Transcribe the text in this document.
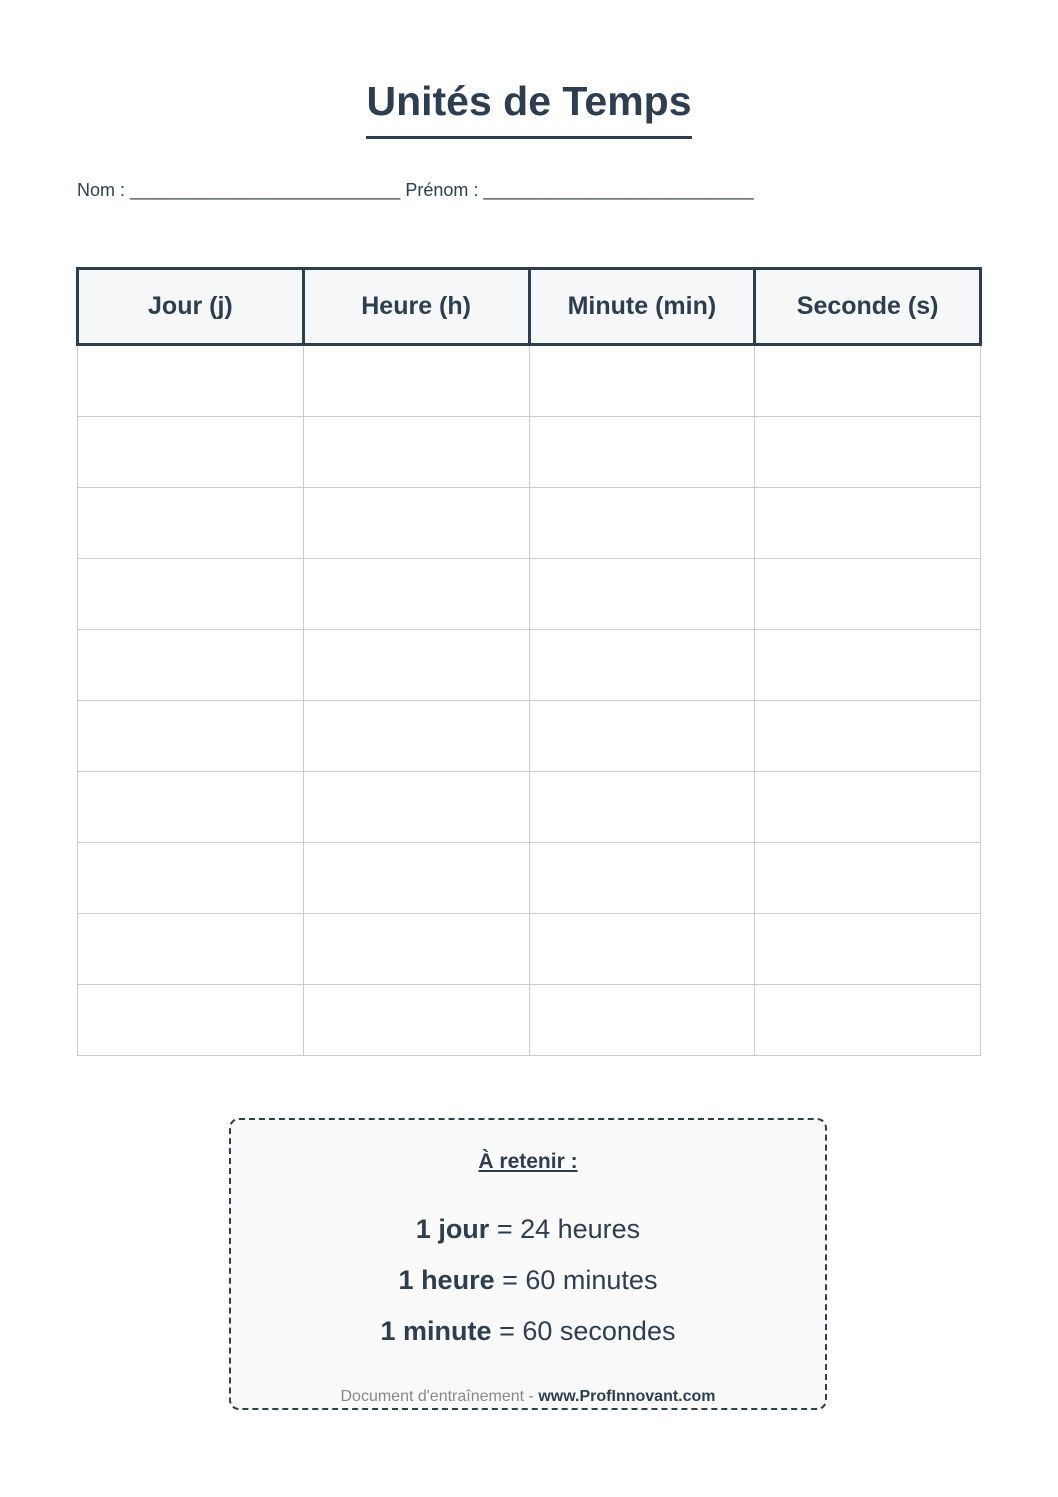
Unités de Temps
Nom : ___________________________ Prénom : ___________________________
Jour (j)	Heure (h)	Minute (min)	Seconde (s)

À retenir :
1 jour = 24 heures
1 heure = 60 minutes
1 minute = 60 secondes
Document d'entraînement - www.ProfInnovant.com
